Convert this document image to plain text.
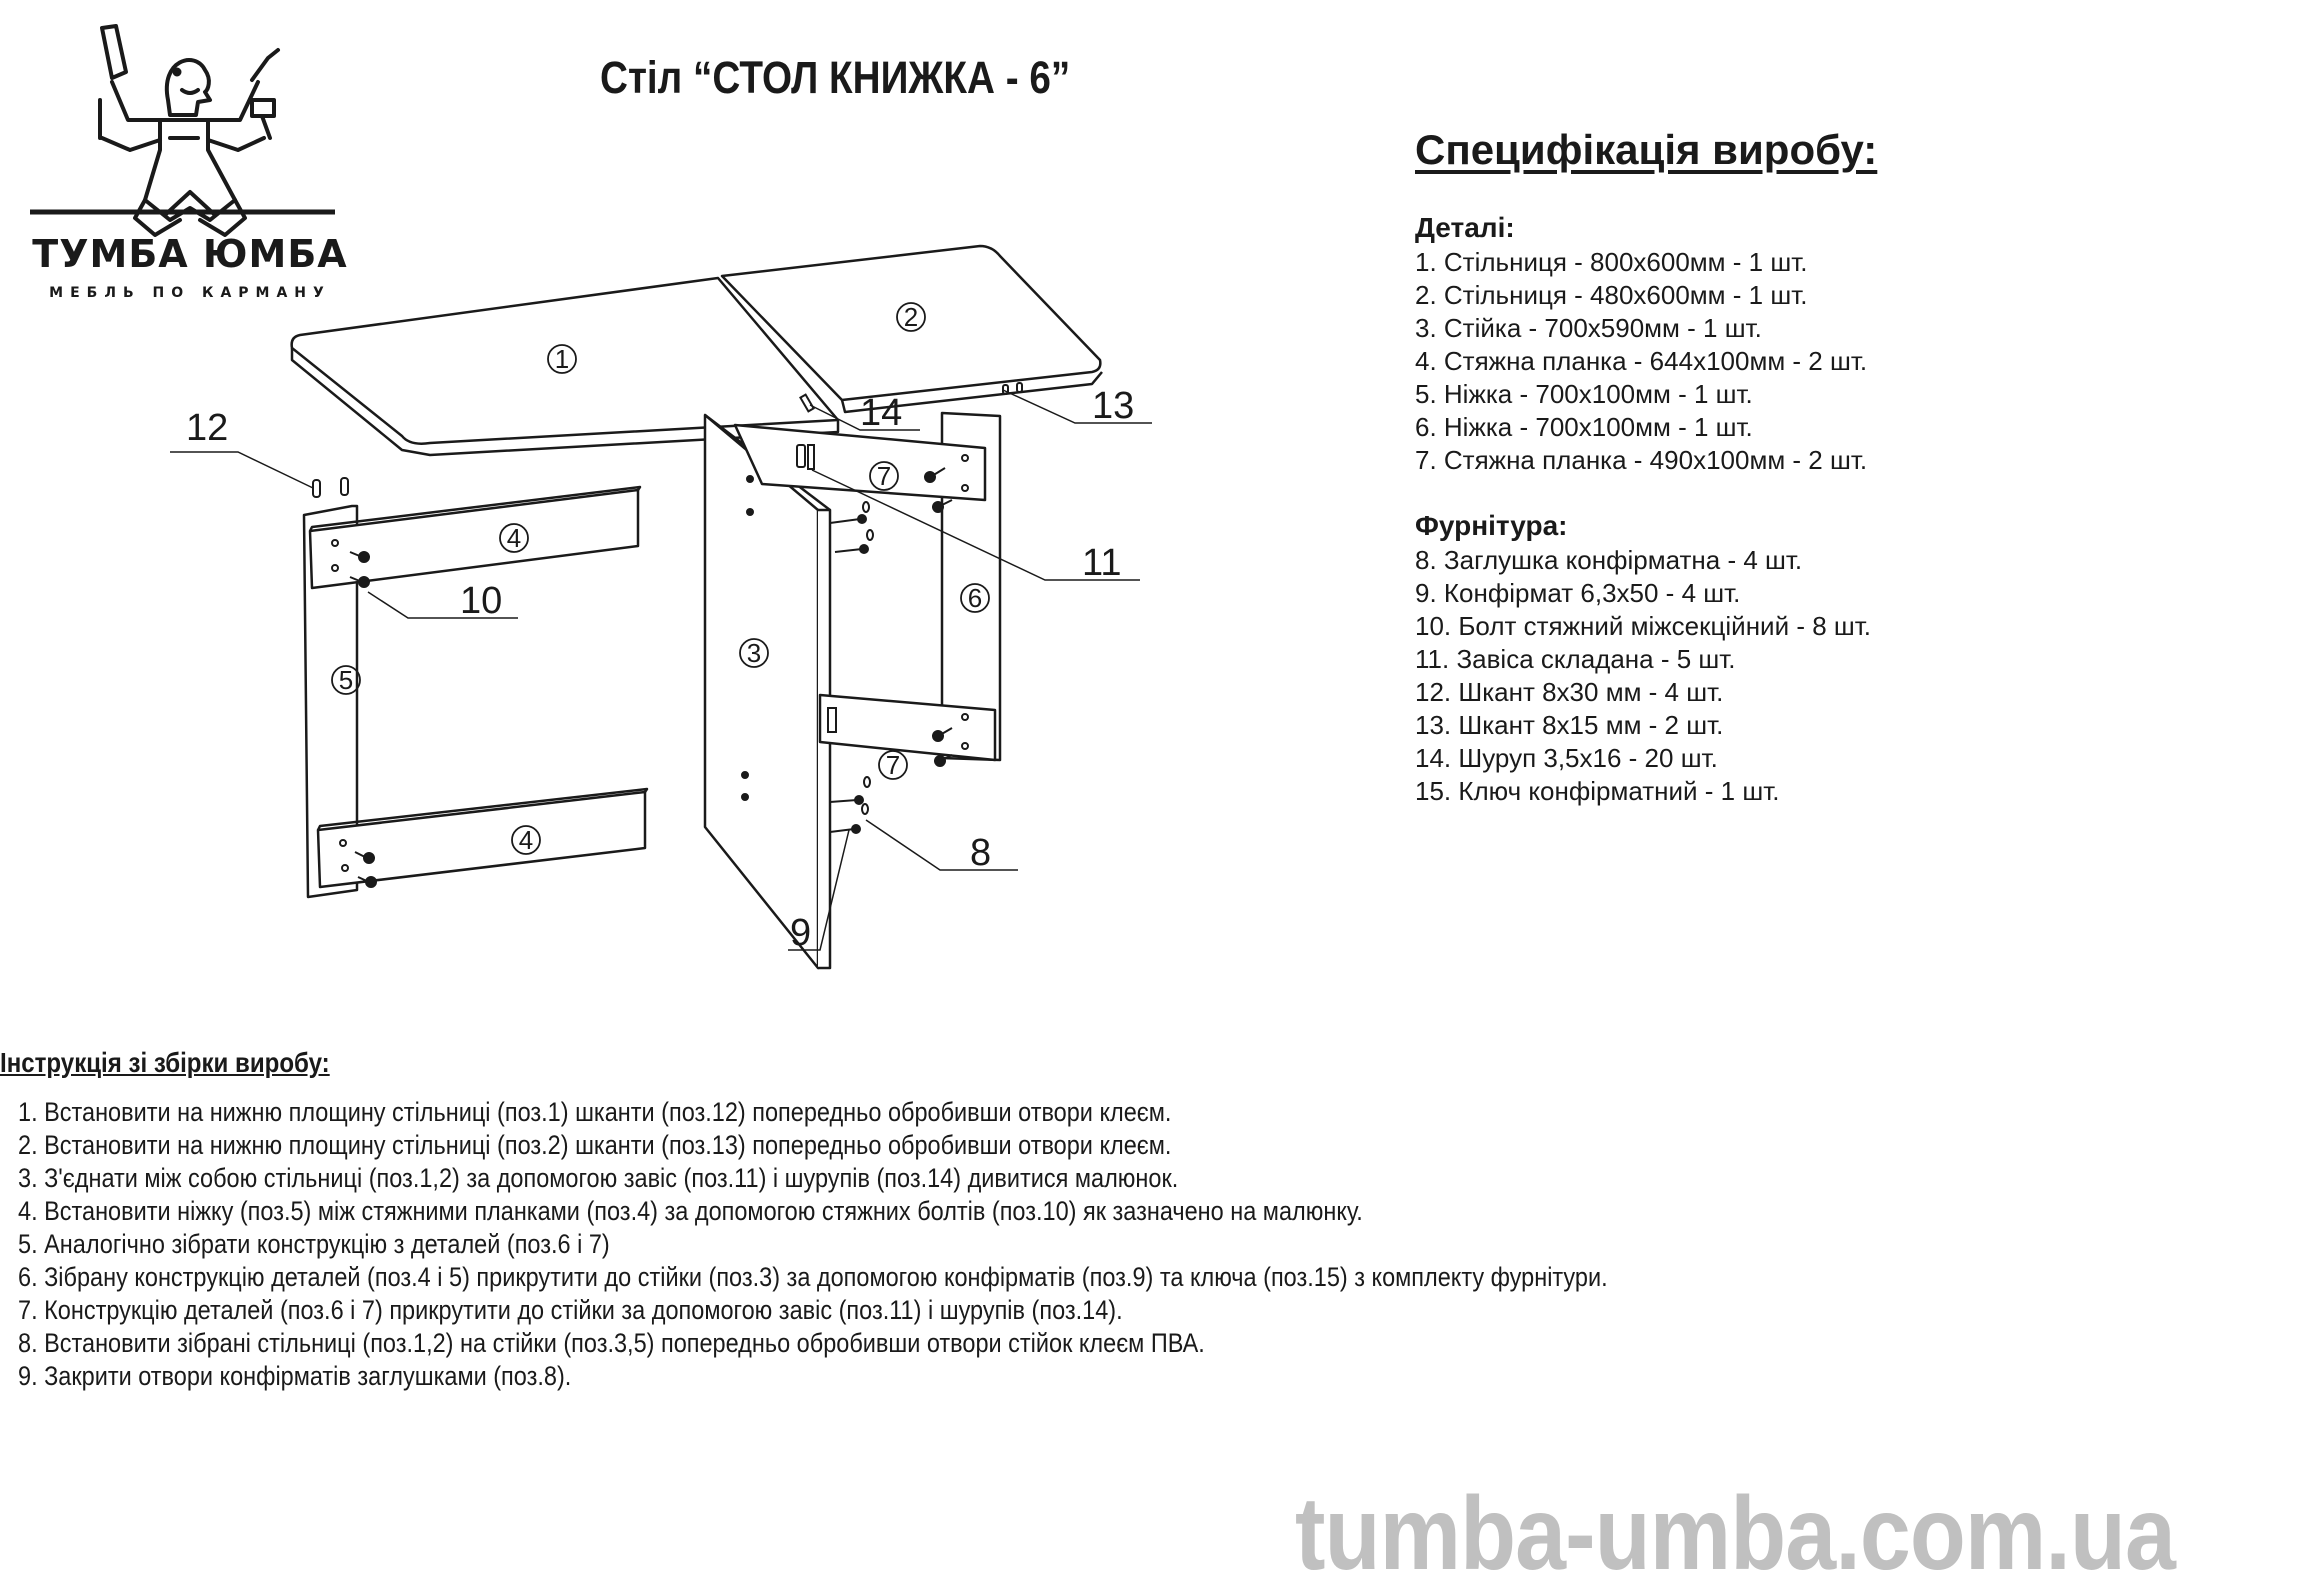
ТУМБА ЮМБА
МЕБЛЬ ПО КАРМАНУ
Стіл “СТОЛ КНИЖКА - 6”
12
10
11
14	13
8
9
1
2
3
4
4
5
6
7
7
Специфікація виробу:
Деталі:
1. Стільниця - 800х600мм - 1 шт.
2. Стільниця - 480х600мм - 1 шт.
3. Стійка - 700х590мм - 1 шт.
4. Стяжна планка - 644х100мм - 2 шт.
5. Ніжка - 700х100мм - 1 шт.
6. Ніжка - 700х100мм - 1 шт.
7. Стяжна планка - 490х100мм - 2 шт.
Фурнітура:
8. Заглушка конфірматна - 4 шт.
9. Конфірмат 6,3х50 - 4 шт.
10. Болт стяжний міжсекційний - 8 шт.
11. Завіса складана - 5 шт.
12. Шкант 8х30 мм - 4 шт.
13. Шкант 8х15 мм - 2 шт.
14. Шуруп 3,5х16 - 20 шт.
15. Ключ конфірматний - 1 шт.
Інструкція зі збірки виробу:
1. Встановити на нижню площину стільниці (поз.1) шканти (поз.12) попередньо обробивши отвори клеєм.
2. Встановити на нижню площину стільниці (поз.2) шканти (поз.13) попередньо обробивши отвори клеєм.
3. З'єднати між собою стільниці (поз.1,2) за допомогою завіс (поз.11) і шурупів (поз.14) дивитися малюнок.
4. Встановити ніжку (поз.5) між стяжними планками (поз.4) за допомогою стяжних болтів (поз.10) як зазначено на малюнку.
5. Аналогічно зібрати конструкцію з деталей (поз.6 і 7)
6. Зібрану конструкцію деталей (поз.4 і 5) прикрутити до стійки (поз.3) за допомогою конфірматів (поз.9) та ключа (поз.15) з комплекту фурнітури.
7. Конструкцію деталей (поз.6 і 7) прикрутити до стійки за допомогою завіс (поз.11) і шурупів (поз.14).
8. Встановити зібрані стільниці (поз.1,2) на стійки (поз.3,5) попередньо обробивши отвори стійок клеєм ПВА.
9. Закрити отвори конфірматів заглушками (поз.8).
tumba-umba.com.ua
